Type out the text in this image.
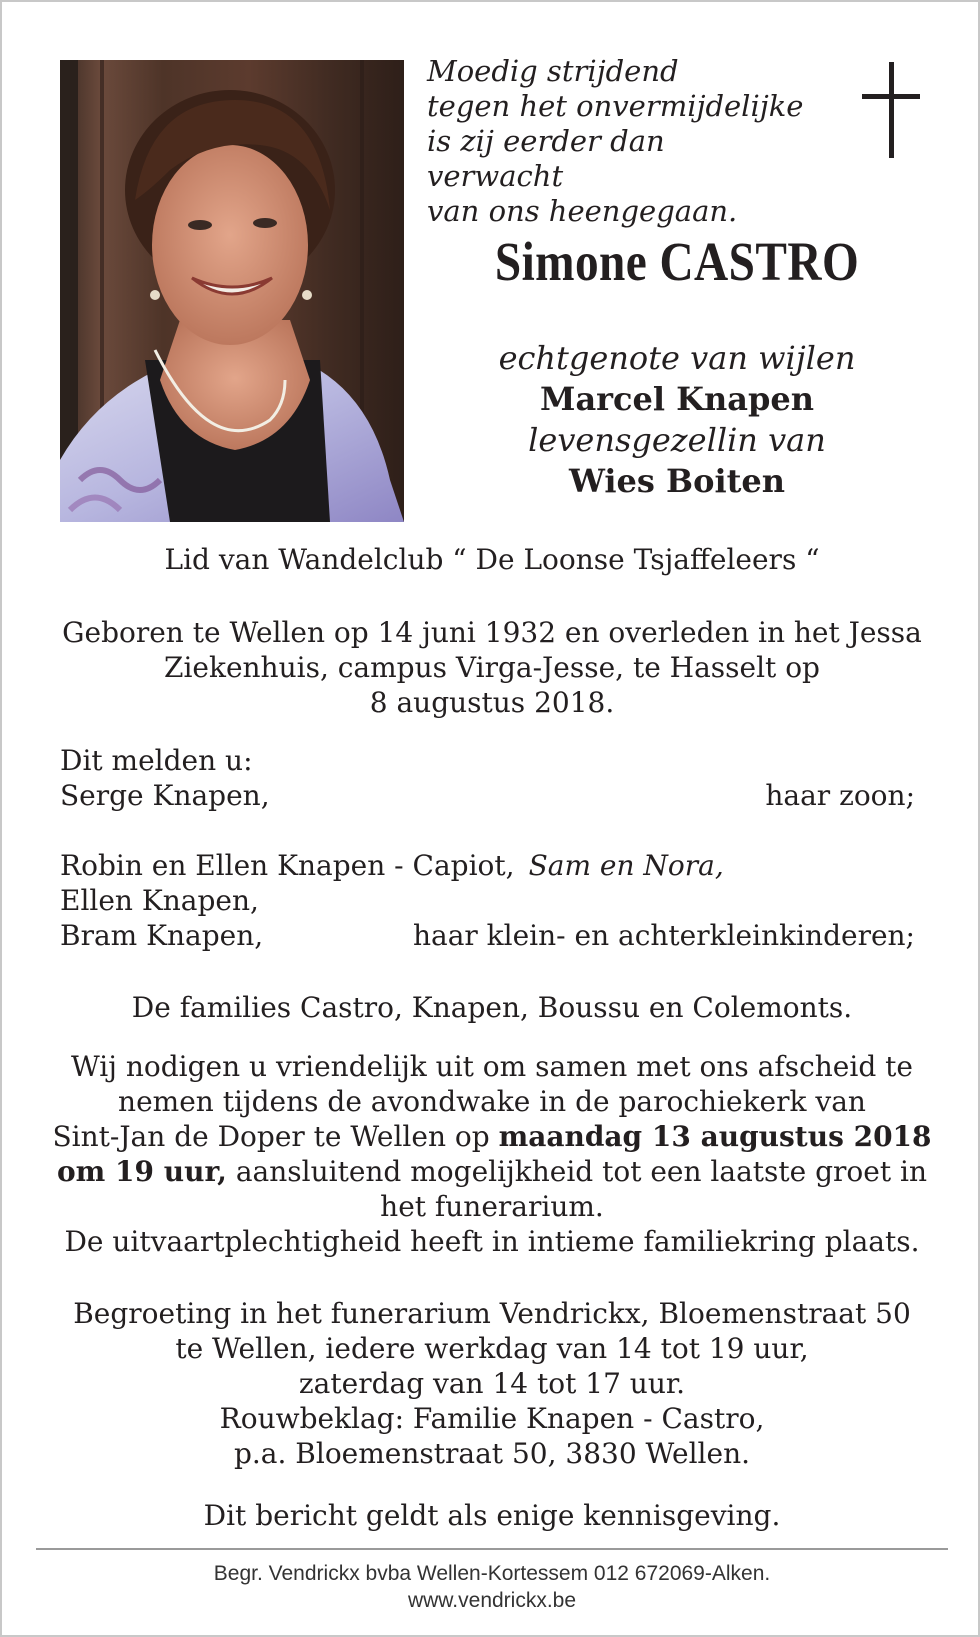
Moedig strijdend
tegen het onvermijdelijke
is zij eerder dan verwacht
van ons heengegaan.
Simone CASTRO
echtgenote van wijlen
Marcel Knapen
levensgezellin van
Wies Boiten
Lid van Wandelclub “ De Loonse Tsjaffeleers “
Geboren te Wellen op 14 juni 1932 en overleden in het Jessa
Ziekenhuis, campus Virga-Jesse, te Hasselt op
8 augustus 2018.
Dit melden u:
Serge Knapen,	haar zoon;
Robin en Ellen Knapen - Capiot, Sam en Nora,
Ellen Knapen,
Bram Knapen,	haar klein- en achterkleinkinderen;
De families Castro, Knapen, Boussu en Colemonts.
Wij nodigen u vriendelijk uit om samen met ons afscheid te
nemen tijdens de avondwake in de parochiekerk van
Sint-Jan de Doper te Wellen op maandag 13 augustus 2018
om 19 uur, aansluitend mogelijkheid tot een laatste groet in
het funerarium.
De uitvaartplechtigheid heeft in intieme familiekring plaats.
Begroeting in het funerarium Vendrickx, Bloemenstraat 50
te Wellen, iedere werkdag van 14 tot 19 uur,
zaterdag van 14 tot 17 uur.
Rouwbeklag: Familie Knapen - Castro,
p.a. Bloemenstraat 50, 3830 Wellen.
Dit bericht geldt als enige kennisgeving.
Begr. Vendrickx bvba Wellen-Kortessem 012 672069-Alken.
www.vendrickx.be
